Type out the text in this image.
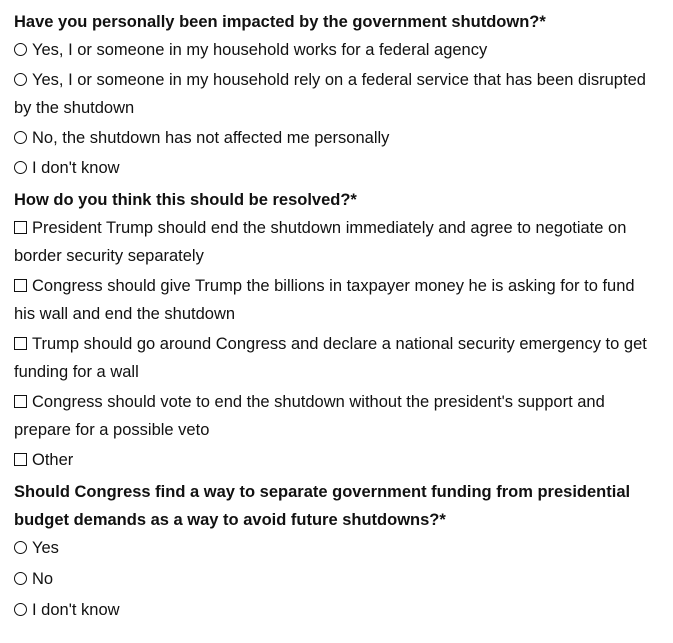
Have you personally been impacted by the government shutdown?*
Yes, I or someone in my household works for a federal agency
Yes, I or someone in my household rely on a federal service that has been disrupted by the shutdown
No, the shutdown has not affected me personally
I don't know
How do you think this should be resolved?*
President Trump should end the shutdown immediately and agree to negotiate on border security separately
Congress should give Trump the billions in taxpayer money he is asking for to fund his wall and end the shutdown
Trump should go around Congress and declare a national security emergency to get funding for a wall
Congress should vote to end the shutdown without the president's support and prepare for a possible veto
Other
Should Congress find a way to separate government funding from presidential budget demands as a way to avoid future shutdowns?*
Yes
No
I don't know
